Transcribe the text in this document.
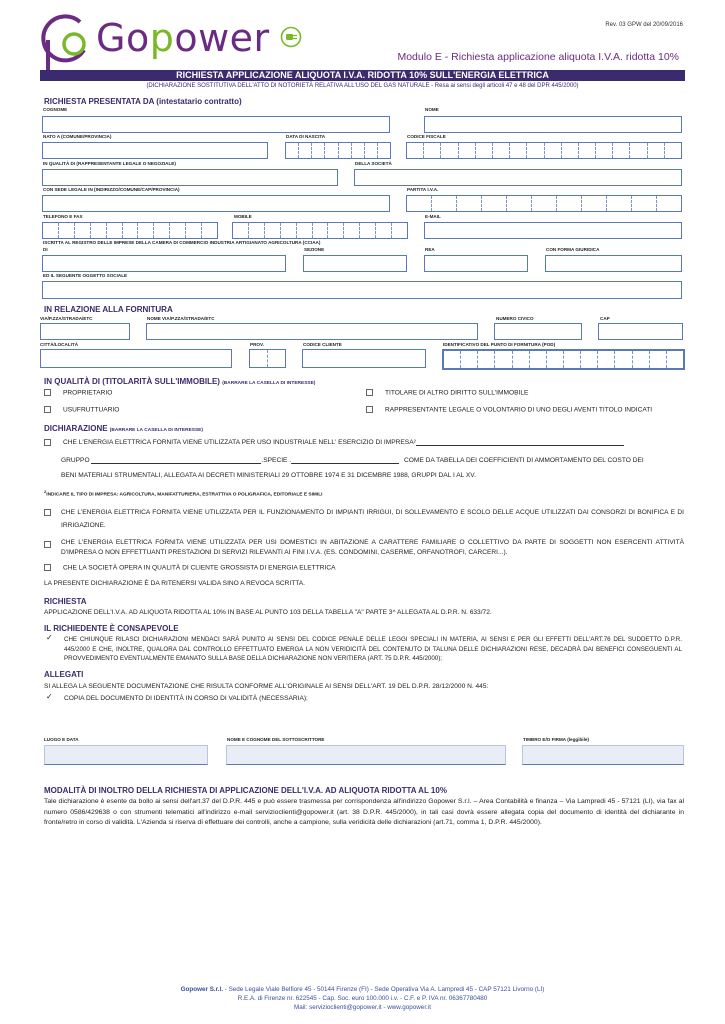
Gopower	Rev. 03 GPW del 20/09/2016
Modulo E - Richiesta applicazione aliquota I.V.A. ridotta 10%
RICHIESTA APPLICAZIONE ALIQUOTA I.V.A. RIDOTTA 10% SULL'ENERGIA ELETTRICA
(DICHIARAZIONE SOSTITUTIVA DELL'ATTO DI NOTORIETÀ RELATIVA ALL'USO DEL GAS NATURALE - Resa ai sensi degli articoli 47 e 48 del DPR 445/2000)
RICHIESTA PRESENTATA DA (intestatario contratto)
COGNOME	NOME
NATO A (COMUNE/PROVINCIA)	DATA DI NASCITA	CODICE FISCALE
IN QUALITÀ DI (RAPPRESENTANTE LEGALE O NEGOZIALE)	DELLA SOCIETÀ
CON SEDE LEGALE IN (INDIRIZZO/COMUNE/CAP/PROVINCIA)	PARTITA I.V.A.
TELEFONO E FAX	MOBILE	E-MAIL
ISCRITTA AL REGISTRO DELLE IMPRESE DELLA CAMERA DI COMMERCIO INDUSTRIA ARTIGIANATO AGRICOLTURA (CCIAA)
DI	SEZIONE	REA	CON FORMA GIURIDICA
ED IL SEGUENTE OGGETTO SOCIALE
IN RELAZIONE ALLA FORNITURA
VIA/P.ZZA/STRADA/ETC	NOME VIA/P.ZZA/STRADA/ETC	NUMERO CIVICO	CAP
CITTÀ/LOCALITÀ	PROV.	CODICE CLIENTE	IDENTIFICATIVO DEL PUNTO DI FORNITURA (POD)
IN QUALITÀ DI (TITOLARITÀ SULL'IMMOBILE) (BARRARE LA CASELLA DI INTERESSE)
PROPRIETARIO	TITOLARE DI ALTRO DIRITTO SULL'IMMOBILE
USUFRUTTUARIO	RAPPRESENTANTE LEGALE O VOLONTARIO DI UNO DEGLI AVENTI TITOLO INDICATI
DICHIARAZIONE (BARRARE LA CASELLA DI INTERESSE)
CHE L'ENERGIA ELETTRICA FORNITA VIENE UTILIZZATA PER USO INDUSTRIALE NELL' ESERCIZIO DI IMPRESA²
GRUPPO	.SPECIE .	COME DA TABELLA DEI COEFFICIENTI DI AMMORTAMENTO DEL COSTO DEI
BENI MATERIALI STRUMENTALI, ALLEGATA AI DECRETI MINISTERIALI 29 OTTOBRE 1974 E 31 DICEMBRE 1988, GRUPPI DAL I AL XV.
$^2$INDICARE IL TIPO DI IMPRESA: AGRICOLTURA, MANIFATTURIERA, ESTRATTIVA O POLIGRAFICA, EDITORIALE E SIMILI
CHE L'ENERGIA ELETTRICA FORNITA VIENE UTILIZZATA PER IL FUNZIONAMENTO DI IMPIANTI IRRIGUI, DI SOLLEVAMENTO E SCOLO DELLE ACQUE UTILIZZATI DAI CONSORZI DI BONIFICA E DI IRRIGAZIONE.
CHE L'ENERGIA ELETTRICA FORNITA VIENE UTILIZZATA PER USI DOMESTICI IN ABITAZIONE A CARATTERE FAMILIARE O COLLETTIVO DA PARTE DI SOGGETTI NON ESERCENTI ATTIVITÀ D'IMPRESA O NON EFFETTUANTI PRESTAZIONI DI SERVIZI RILEVANTI AI FINI I.V.A. (ES. CONDOMINI, CASERME, ORFANOTROFI, CARCERI...).
CHE LA SOCIETÀ OPERA IN QUALITÀ DI CLIENTE GROSSISTA DI ENERGIA ELETTRICA
LA PRESENTE DICHIARAZIONE È DA RITENERSI VALIDA SINO A REVOCA SCRITTA.
RICHIESTA
APPLICAZIONE DELL'I.V.A. AD ALIQUOTA RIDOTTA AL 10% IN BASE AL PUNTO 103 DELLA TABELLA "A" PARTE 3^ ALLEGATA AL D.P.R. N. 633/72.
IL RICHIEDENTE È CONSAPEVOLE
✓ CHE CHIUNQUE RILASCI DICHIARAZIONI MENDACI SARÀ PUNITO AI SENSI DEL CODICE PENALE DELLE LEGGI SPECIALI IN MATERIA, AI SENSI E PER GLI EFFETTI DELL'ART.76 DEL SUDDETTO D.P.R. 445/2000 E CHE, INOLTRE, QUALORA DAL CONTROLLO EFFETTUATO EMERGA LA NON VERIDICITÀ DEL CONTENUTO DI TALUNA DELLE DICHIARAZIONI RESE, DECADRÀ DAI BENEFICI CONSEGUENTI AL PROVVEDIMENTO EVENTUALMENTE EMANATO SULLA BASE DELLA DICHIARAZIONE NON VERITIERA (ART. 75 D.P.R. 445/2000);
ALLEGATI
SI ALLEGA LA SEGUENTE DOCUMENTAZIONE CHE RISULTA CONFORME ALL'ORIGINALE AI SENSI DELL'ART. 19 DEL D.P.R. 28/12/2000 N. 445:
✓ COPIA DEL DOCUMENTO DI IDENTITÀ IN CORSO DI VALIDITÀ (NECESSARIA);
LUOGO E DATA	NOME E COGNOME DEL SOTTOSCRITTORE	TIMBRO E/O FIRMA (leggibile)
MODALITÀ DI INOLTRO DELLA RICHIESTA DI APPLICAZIONE DELL'I.V.A. AD ALIQUOTA RIDOTTA AL 10%
Tale dichiarazione è esente da bollo ai sensi dell'art.37 del D.P.R. 445 e può essere trasmessa per corrispondenza all'indirizzo Gopower S.r.l. – Area Contabilità e finanza – Via Lampredi 45 - 57121 (LI), via fax al numero 0586/429638 o con strumenti telematici all'indirizzo e-mail servizioclienti@gopower.it (art. 38 D.P.R. 445/2000), in tali casi dovrà essere allegata copia del documento di identità del dichiarante in fronte/retro in corso di validità. L'Azienda si riserva di effettuare dei controlli, anche a campione, sulla veridicità delle dichiarazioni (art.71, comma 1, D.P.R. 445/2000).
Gopower S.r.l. - Sede Legale Viale Belfiore 45 - 50144 Firenze (FI) - Sede Operativa Via A. Lampredi 45 - CAP 57121 Livorno (LI)
R.E.A. di Firenze nr. 622545 - Cap. Soc. euro 100.000 i.v. - C.F. e P. IVA nr. 06367780480
Mail: servizioclienti@gopower.it - www.gopower.it
